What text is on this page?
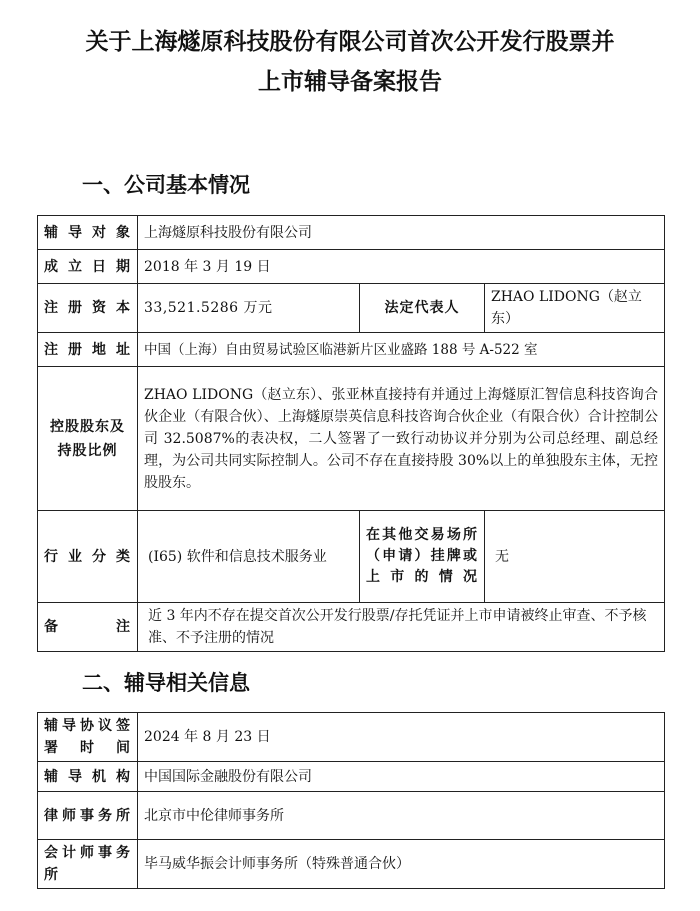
关于上海燧原科技股份有限公司首次公开发行股票并
上市辅导备案报告
一、公司基本情况
辅导对象	上海燧原科技股份有限公司		
成立日期	2018 年 3 月 19 日		
注册资本	33,521.5286 万元	法定代表人	ZHAO LIDONG（赵立东）
注册地址	中国（上海）自由贸易试验区临港新片区业盛路 188 号 A-522 室		
控股股东及持股比例	ZHAO LIDONG（赵立东）、张亚林直接持有并通过上海燧原汇智信息科技咨询合伙企业（有限合伙）、上海燧原崇英信息科技咨询合伙企业（有限合伙）合计控制公司 32.5087%的表决权，二人签署了一致行动协议并分别为公司总经理、副总经理，为公司共同实际控制人。公司不存在直接持股 30%以上的单独股东主体，无控股股东。		
行业分类	(I65) 软件和信息技术服务业	在其他交易场所（申请）挂牌或上市的情况	无
备注	近 3 年内不存在提交首次公开发行股票/存托凭证并上市申请被终止审查、不予核准、不予注册的情况		
二、辅导相关信息
辅导协议签署时间	2024 年 8 月 23 日
辅导机构	中国国际金融股份有限公司
律师事务所	北京市中伦律师事务所
会计师事务所	毕马威华振会计师事务所（特殊普通合伙）
